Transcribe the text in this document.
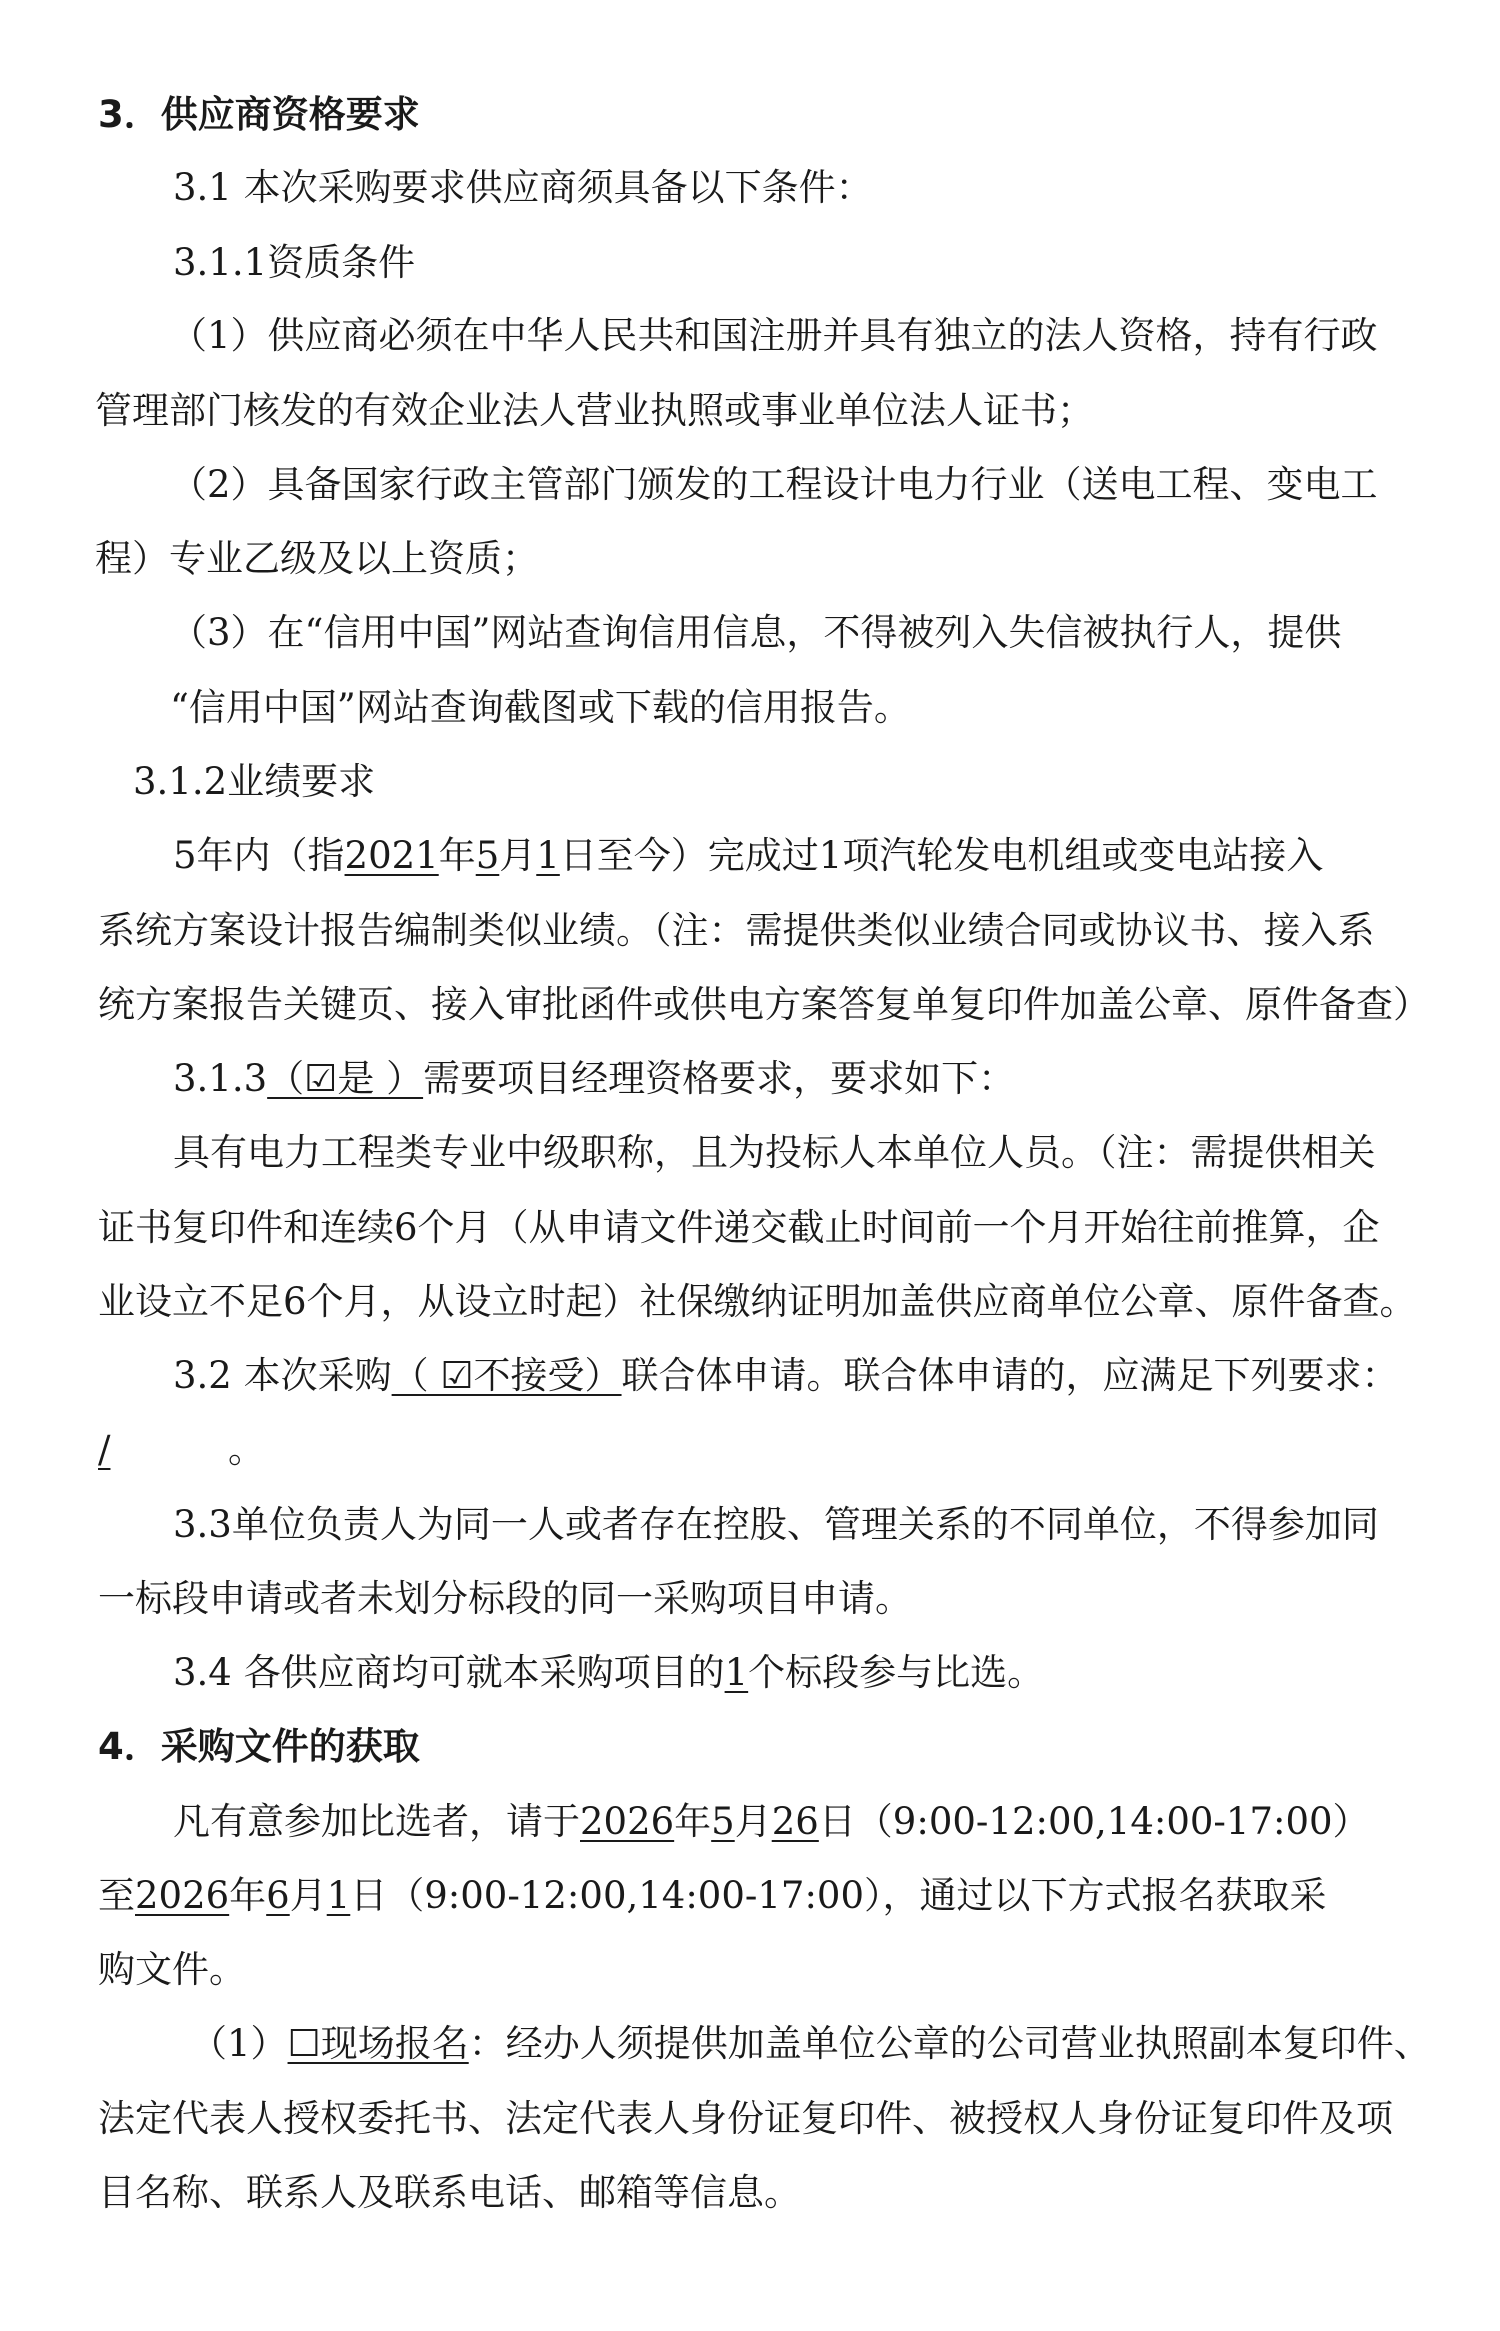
3．供应商资格要求

3.1 本次采购要求供应商须具备以下条件：

3.1.1资质条件

（1）供应商必须在中华人民共和国注册并具有独立的法人资格，持有行政

管理部门核发的有效企业法人营业执照或事业单位法人证书；

（2）具备国家行政主管部门颁发的工程设计电力行业（送电工程、变电工

程）专业乙级及以上资质；

（3）在“信用中国”网站查询信用信息，不得被列入失信被执行人，提供

“信用中国”网站查询截图或下载的信用报告。

3.1.2业绩要求

5年内（指2021年5月1日至今）完成过1项汽轮发电机组或变电站接入

系统方案设计报告编制类似业绩。（注：需提供类似业绩合同或协议书、接入系

统方案报告关键页、接入审批函件或供电方案答复单复印件加盖公章、原件备查）

3.1.3（☑是 ）需要项目经理资格要求，要求如下：

具有电力工程类专业中级职称，且为投标人本单位人员。（注：需提供相关

证书复印件和连续6个月（从申请文件递交截止时间前一个月开始往前推算，企

业设立不足6个月，从设立时起）社保缴纳证明加盖供应商单位公章、原件备查。

3.2 本次采购（ ☑不接受）联合体申请。联合体申请的，应满足下列要求：

/	。

3.3单位负责人为同一人或者存在控股、管理关系的不同单位，不得参加同

一标段申请或者未划分标段的同一采购项目申请。

3.4 各供应商均可就本采购项目的1个标段参与比选。

4．采购文件的获取

凡有意参加比选者，请于2026年5月26日（9:00-12:00,14:00-17:00）

至2026年6月1日（9:00-12:00,14:00-17:00），通过以下方式报名获取采

购文件。

（1）☐现场报名：经办人须提供加盖单位公章的公司营业执照副本复印件、

法定代表人授权委托书、法定代表人身份证复印件、被授权人身份证复印件及项

目名称、联系人及联系电话、邮箱等信息。
